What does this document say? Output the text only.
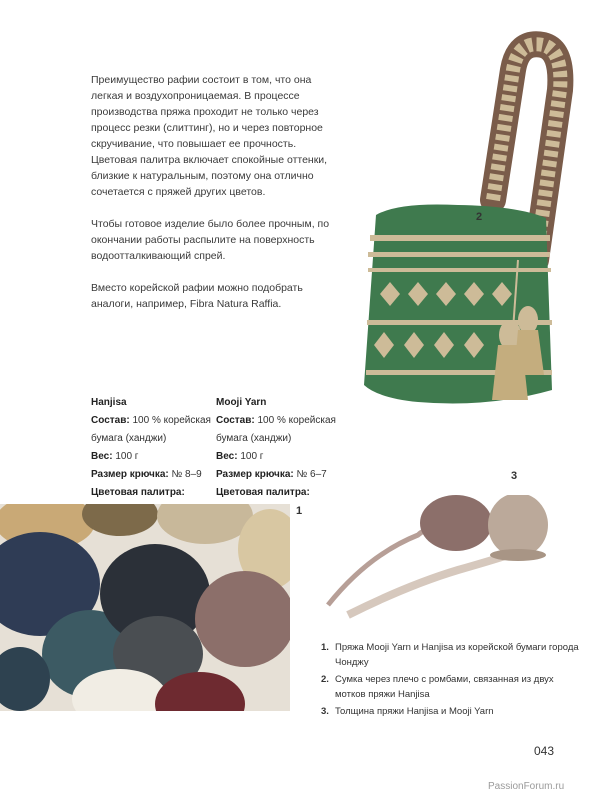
Преимущество рафии состоит в том, что она легкая и воздухопроницаемая. В процессе производства пряжа проходит не только через процесс резки (слиттинг), но и через повторное скручивание, что повышает ее прочность. Цветовая палитра включает спокойные оттенки, близкие к натуральным, поэтому она отлично сочетается с пряжей других цветов.

Чтобы готовое изделие было более прочным, по окончании работы распылите на поверхность водоотталкивающий спрей.

Вместо корейской рафии можно подобрать аналоги, например, Fibra Natura Raffia.

2
Hanjisa
Состав: 100 % корейская бумага (ханджи)
Вес: 100 г
Размер крючка: № 8–9
Цветовая палитра:
Mooji Yarn
Состав: 100 % корейская бумага (ханджи)
Вес: 100 г
Размер крючка: № 6–7
Цветовая палитра:
1
3
1. Пряжа Mooji Yarn и Hanjisa из корейской бумаги города Чонджу
2. Сумка через плечо с ромбами, связанная из двух мотков пряжи Hanjisa
3. Толщина пряжи Hanjisa и Mooji Yarn
043
PassionForum.ru
